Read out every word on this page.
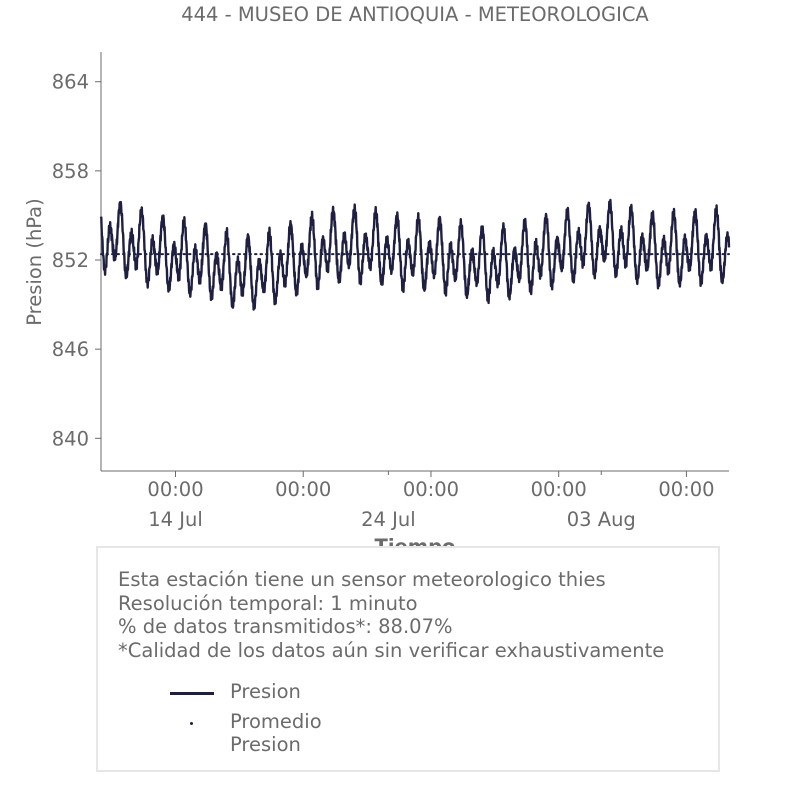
444 - MUSEO DE ANTIOQUIA - METEOROLOGICA
840
846
852
858
864
00:00
14 Jul
00:00	00:00	00:00	00:00
24 Jul	03 Aug
Presion (hPa)
Esta estación tiene un sensor meteorologico thies
Resolución temporal: 1 minuto
% de datos transmitidos*: 88.07%
*Calidad de los datos aún sin verificar exhaustivamente
Presion
Promedio Presion
